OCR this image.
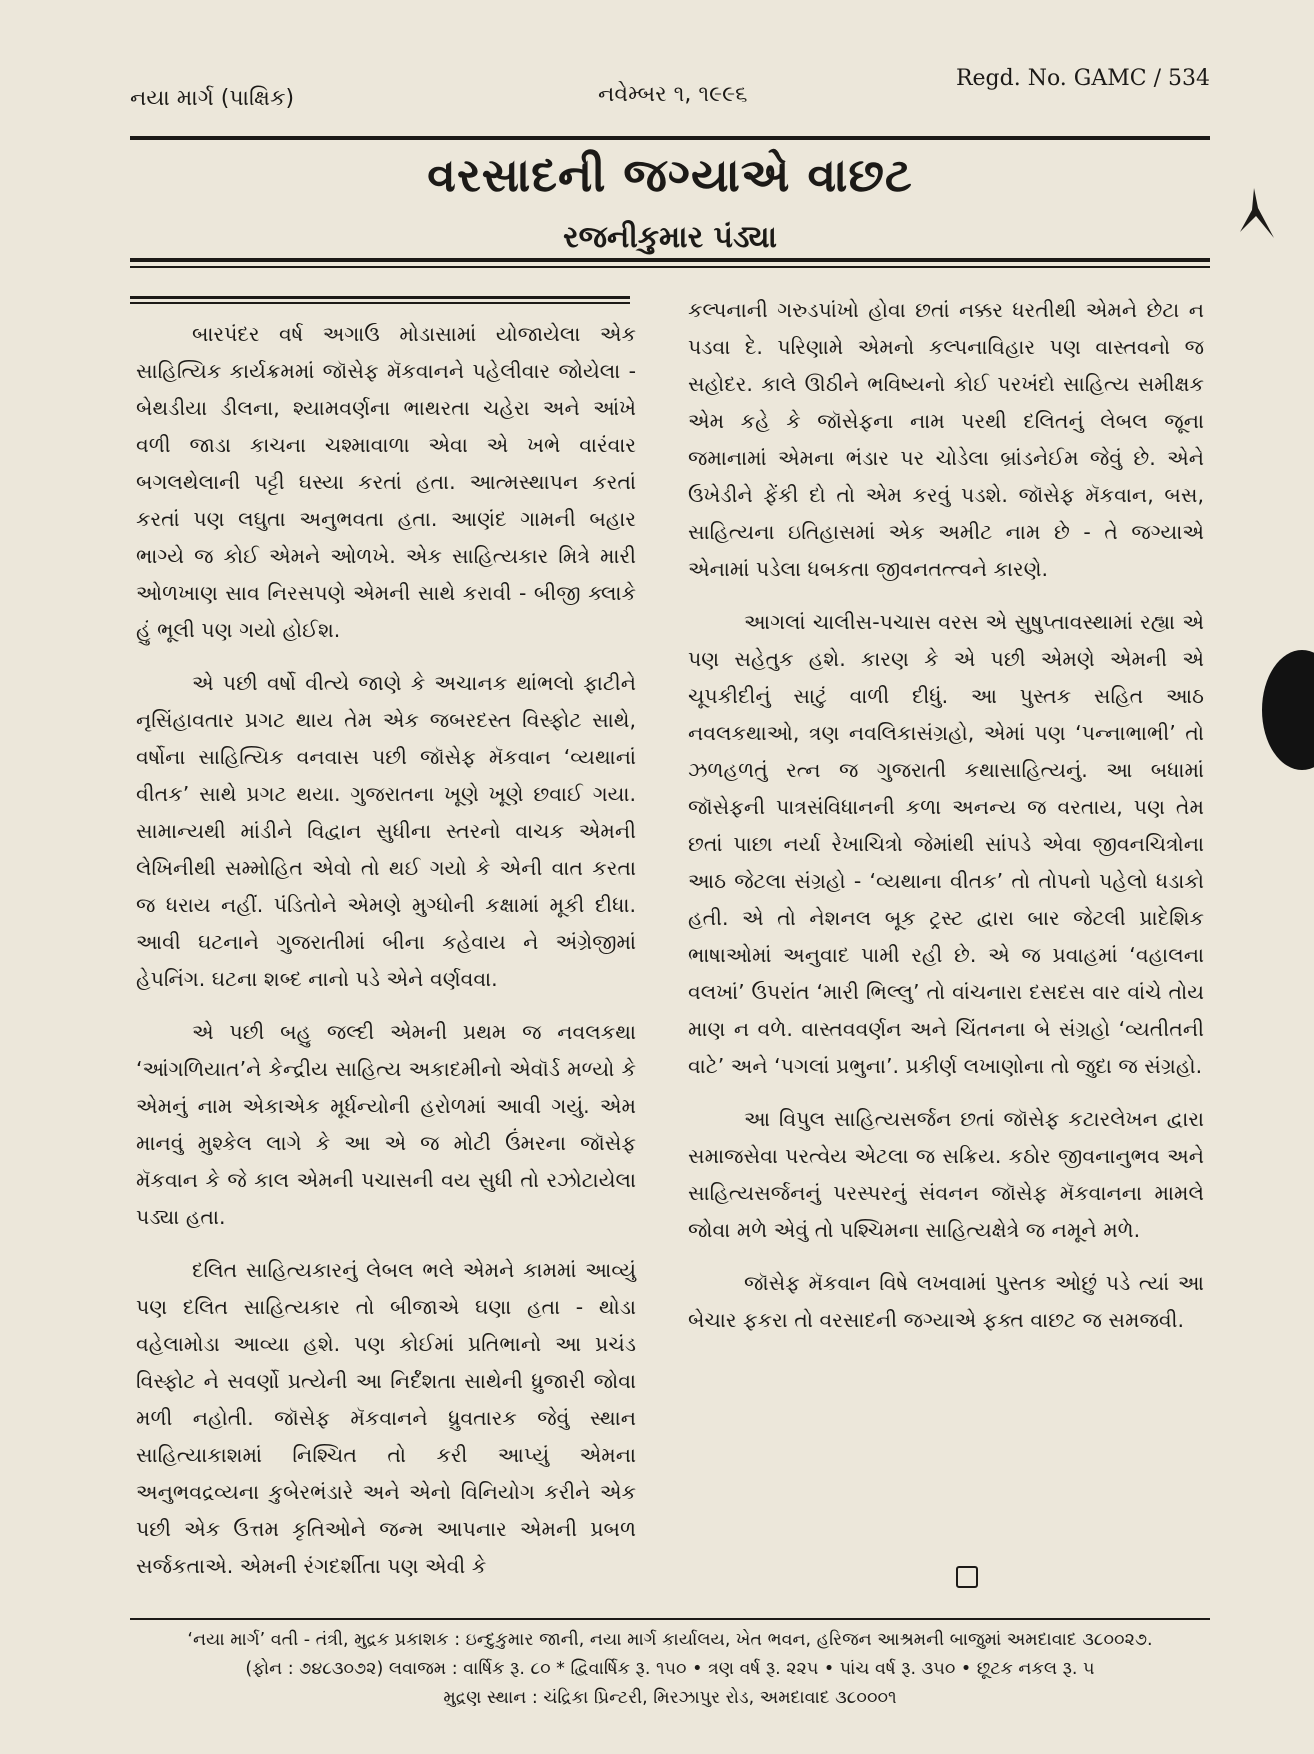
નયા માર્ગ (પાક્ષિક)	નવેમ્બર ૧, ૧૯૯૬
Regd. No. GAMC / 534
વરસાદની જગ્યાએ વાછટ
રજનીકુમાર પંડ્યા

બારપંદર વર્ષ અગાઉ મોડાસામાં યોજાયેલા એક સાહિત્યિક કાર્યક્રમમાં જૉસેફ મૅકવાનને પહેલીવાર જોયેલા - બેથડીયા ડીલના, શ્યામવર્ણના ભાથરતા ચહેરા અને આંખે વળી જાડા કાચના ચશ્માવાળા એવા એ ખભે વારંવાર બગલથેલાની પટ્ટી ઘસ્યા કરતાં હતા. આત્મસ્થાપન કરતાં કરતાં પણ લઘુતા અનુભવતા હતા. આણંદ ગામની બહાર ભાગ્યે જ કોઈ એમને ઓળખે. એક સાહિત્યકાર મિત્રે મારી ઓળખાણ સાવ નિરસપણે એમની સાથે કરાવી - બીજી ક્લાકે હું ભૂલી પણ ગયો હોઈશ.

એ પછી વર્ષો વીત્યે જાણે કે અચાનક થાંભલો ફાટીને નૃસિંહાવતાર પ્રગટ થાય તેમ એક જબરદસ્ત વિસ્ફોટ સાથે, વર્ષોના સાહિત્યિક વનવાસ પછી જૉસેફ મૅકવાન ‘વ્યથાનાં વીતક’ સાથે પ્રગટ થયા. ગુજરાતના ખૂણે ખૂણે છવાઈ ગયા. સામાન્યથી માંડીને વિદ્વાન સુધીના સ્તરનો વાચક એમની લેખિનીથી સમ્મોહિત એવો તો થઈ ગયો કે એની વાત કરતા જ ધરાય નહીં. પંડિતોને એમણે મુગ્ધોની કક્ષામાં મૂકી દીધા. આવી ઘટનાને ગુજરાતીમાં બીના કહેવાય ને અંગ્રેજીમાં હેપનિંગ. ઘટના શબ્દ નાનો પડે એને વર્ણવવા.

એ પછી બહુ જલ્દી એમની પ્રથમ જ નવલકથા ‘આંગળિયાત’ને કેન્દ્રીય સાહિત્ય અકાદમીનો એવૉર્ડ મળ્યો કે એમનું નામ એકાએક મૂર્ધન્યોની હરોળમાં આવી ગયું. એમ માનવું મુશ્કેલ લાગે કે આ એ જ મોટી ઉંમરના જૉસેફ મૅકવાન કે જે કાલ એમની પચાસની વય સુધી તો રઝોટાયેલા પડ્યા હતા.

દલિત સાહિત્યકારનું લેબલ ભલે એમને કામમાં આવ્યું પણ દલિત સાહિત્યકાર તો બીજાએ ઘણા હતા - થોડા વહેલામોડા આવ્યા હશે. પણ કોઈમાં પ્રતિભાનો આ પ્રચંડ વિસ્ફોટ ને સવર્ણો પ્રત્યેની આ નિર્દંશતા સાથેની ધ્રુજારી જોવા મળી નહોતી. જૉસેફ મૅકવાનને ધ્રુવતારક જેવું સ્થાન સાહિત્યાકાશમાં નિશ્ચિત તો કરી આપ્યું એમના અનુભવદ્રવ્યના કુબેરભંડારે અને એનો વિનિયોગ કરીને એક પછી એક ઉત્તમ કૃતિઓને જન્મ આપનાર એમની પ્રબળ સર્જકતાએ. એમની રંગદર્શીતા પણ એવી કે

કલ્પનાની ગરુડપાંખો હોવા છતાં નક્કર ધરતીથી એમને છેટા ન પડવા દે. પરિણામે એમનો કલ્પનાવિહાર પણ વાસ્તવનો જ સહોદર. કાલે ઊઠીને ભવિષ્યનો કોઈ પરખંદો સાહિત્ય સમીક્ષક એમ કહે કે જૉસેફના નામ પરથી દલિતનું લેબલ જૂના જમાનામાં એમના ભંડાર પર ચોડેલા બ્રાંડનેઈમ જેવું છે. એને ઉખેડીને ફેંકી દો તો એમ કરવું પડશે. જૉસેફ મૅકવાન, બસ, સાહિત્યના ઇતિહાસમાં એક અમીટ નામ છે - તે જગ્યાએ એનામાં પડેલા ધબકતા જીવનતત્ત્વને કારણે.

આગલાં ચાલીસ-પચાસ વરસ એ સુષુપ્તાવસ્થામાં રહ્યા એ પણ સહેતુક હશે. કારણ કે એ પછી એમણે એમની એ ચૂપકીદીનું સાટું વાળી દીધું. આ પુસ્તક સહિત આઠ નવલકથાઓ, ત્રણ નવલિકાસંગ્રહો, એમાં પણ ‘પન્નાભાભી’ તો ઝળહળતું રત્ન જ ગુજરાતી કથાસાહિત્યનું. આ બધામાં જૉસેફની પાત્રસંવિધાનની કળા અનન્ય જ વરતાય, પણ તેમ છતાં પાછા નર્યા રેખાચિત્રો જેમાંથી સાંપડે એવા જીવનચિત્રોના આઠ જેટલા સંગ્રહો - ‘વ્યથાના વીતક’ તો તોપનો પહેલો ધડાકો હતી. એ તો નેશનલ બૂક ટ્રસ્ટ દ્વારા બાર જેટલી પ્રાદેશિક ભાષાઓમાં અનુવાદ પામી રહી છે. એ જ પ્રવાહમાં ‘વહાલના વલખાં’ ઉપરાંત ‘મારી ભિલ્લુ’ તો વાંચનારા દસદસ વાર વાંચે તોય માણ ન વળે. વાસ્તવવર્ણન અને ચિંતનના બે સંગ્રહો ‘વ્યતીતની વાટે’ અને ‘પગલાં પ્રભુના’. પ્રકીર્ણ લખાણોના તો જુદા જ સંગ્રહો.

આ વિપુલ સાહિત્યસર્જન છતાં જૉસેફ કટારલેખન દ્વારા સમાજસેવા પરત્વેય એટલા જ સક્રિય. કઠોર જીવનાનુભવ અને સાહિત્યસર્જનનું પરસ્પરનું સંવનન જૉસેફ મૅકવાનના મામલે જોવા મળે એવું તો પશ્ચિમના સાહિત્યક્ષેત્રે જ નમૂને મળે.

જૉસેફ મૅકવાન વિષે લખવામાં પુસ્તક ઓછું પડે ત્યાં આ બેચાર ફકરા તો વરસાદની જગ્યાએ ફક્ત વાછટ જ સમજવી.

‘નયા માર્ગ’ વતી - તંત્રી, મુદ્રક પ્રકાશક : ઇન્દુકુમાર જાની, નયા માર્ગ કાર્યાલય, ખેત ભવન, હરિજન આશ્રમની બાજુમાં અમદાવાદ ૩૮૦૦૨૭.
(ફોન : ૭૪૮૩૦૭૨) લવાજમ : વાર્ષિક રૂ. ૮૦ * દ્વિવાર્ષિક રૂ. ૧૫૦ • ત્રણ વર્ષ રૂ. ૨૨૫ • પાંચ વર્ષ રૂ. ૩૫૦ • છૂટક નકલ રૂ. ૫
મુદ્રણ સ્થાન : ચંદ્રિકા પ્રિન્ટરી, મિરઝાપુર રોડ, અમદાવાદ ૩૮૦૦૦૧
